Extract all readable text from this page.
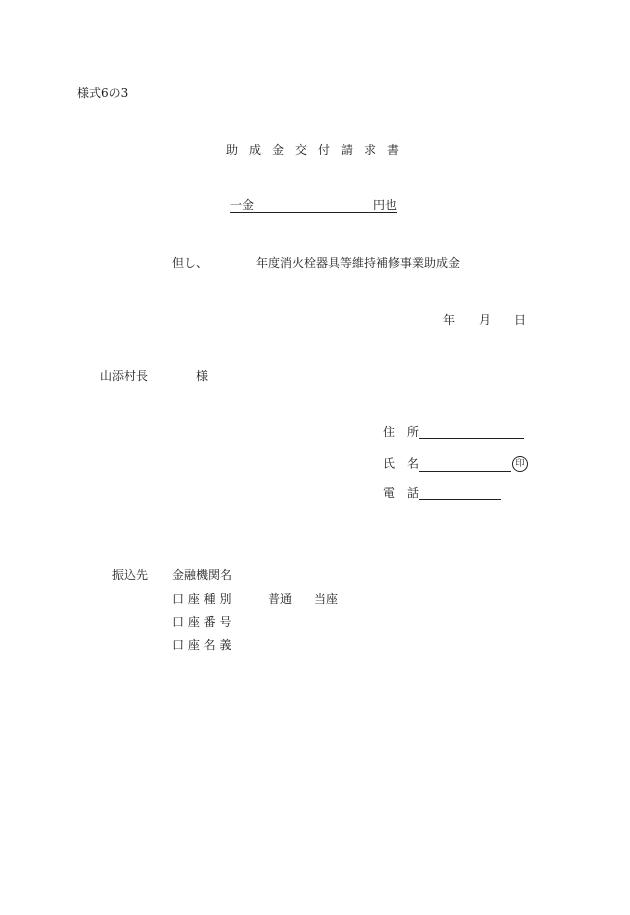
様式6の3
助成金交付請求書
一金	円也
但し、	年度消火栓器具等維持補修事業助成金
年 月 日
山添村長	様
住　所
氏　名	印
電　話
振込先 金融機関名
口 座 種 別	普通 当座
口 座 番 号
口 座 名 義
